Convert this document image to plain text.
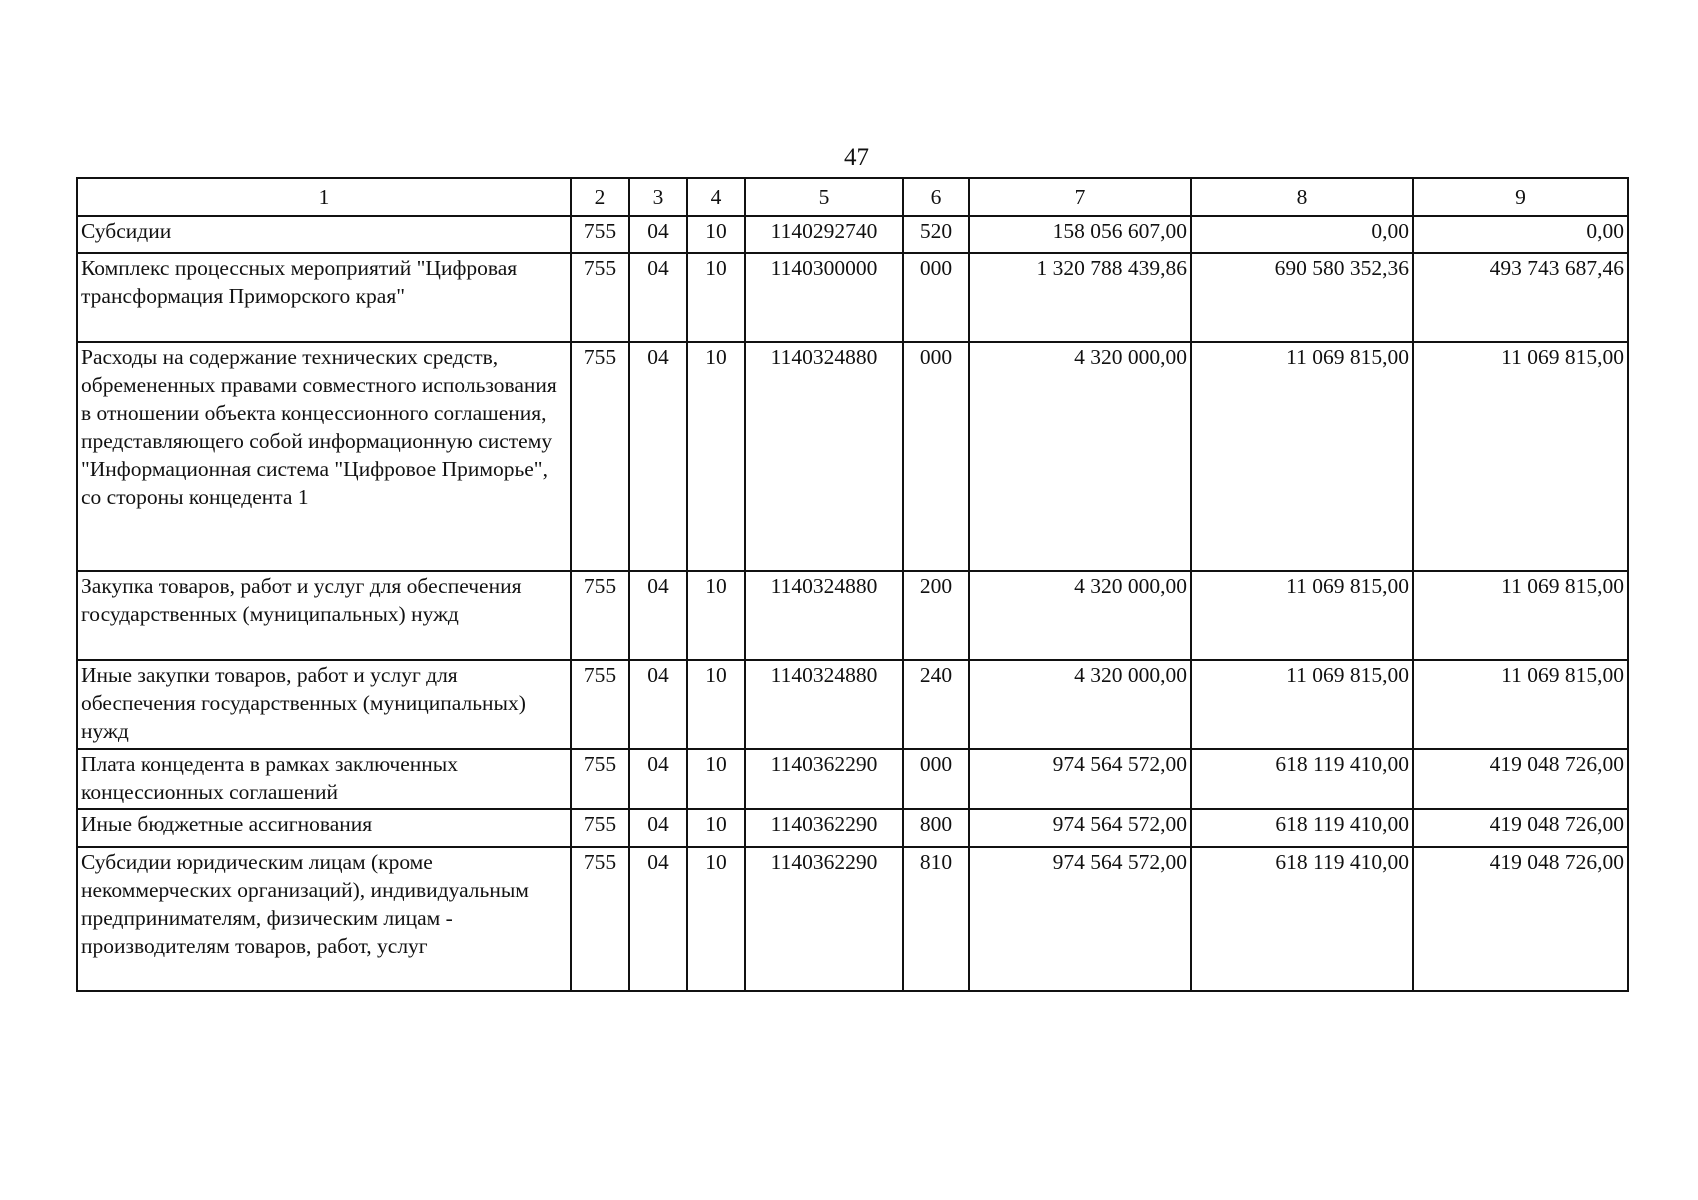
47
1	2	3	4	5	6	7	8	9
Субсидии	755	04	10	1140292740	520	158 056 607,00	0,00	0,00
Комплекс процессных мероприятий "Цифровая трансформация Приморского края"	755	04	10	1140300000	000	1 320 788 439,86	690 580 352,36	493 743 687,46
Расходы на содержание технических средств, обремененных правами совместного использования в отношении объекта концессионного соглашения, представляющего собой информационную систему "Информационная система "Цифровое Приморье", со стороны концедента 1	755	04	10	1140324880	000	4 320 000,00	11 069 815,00	11 069 815,00
Закупка товаров, работ и услуг для обеспечения государственных (муниципальных) нужд	755	04	10	1140324880	200	4 320 000,00	11 069 815,00	11 069 815,00
Иные закупки товаров, работ и услуг для обеспечения государственных (муниципальных) нужд	755	04	10	1140324880	240	4 320 000,00	11 069 815,00	11 069 815,00
Плата концедента в рамках заключенных концессионных соглашений	755	04	10	1140362290	000	974 564 572,00	618 119 410,00	419 048 726,00
Иные бюджетные ассигнования	755	04	10	1140362290	800	974 564 572,00	618 119 410,00	419 048 726,00
Субсидии юридическим лицам (кроме некоммерческих организаций), индивидуальным предпринимателям, физическим лицам - производителям товаров, работ, услуг	755	04	10	1140362290	810	974 564 572,00	618 119 410,00	419 048 726,00
